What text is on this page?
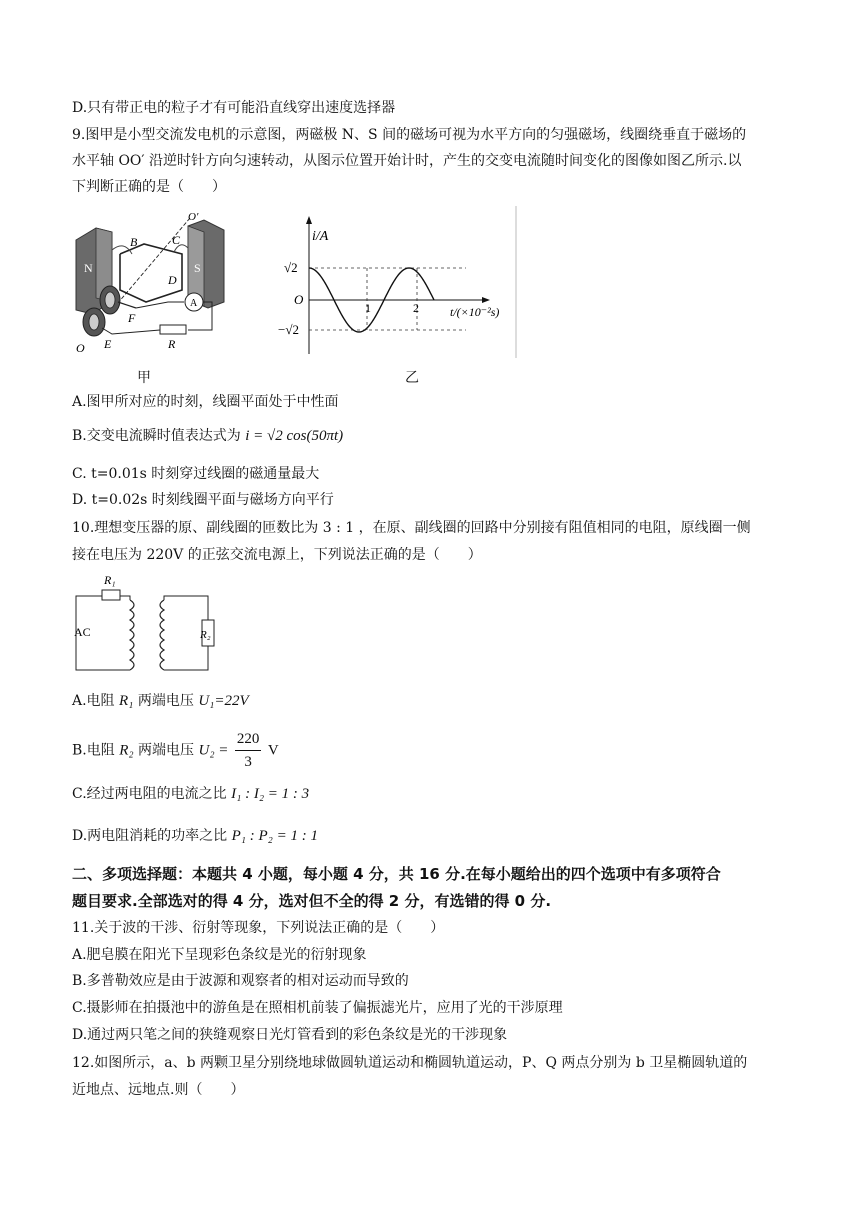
D.只有带正电的粒子才有可能沿直线穿出速度选择器
9.图甲是小型交流发电机的示意图，两磁极 N、S 间的磁场可视为水平方向的匀强磁场，线圈绕垂直于磁场的
水平轴 OO′ 沿逆时针方向匀速转动，从图示位置开始计时，产生的交变电流随时间变化的图像如图乙所示.以
下判断正确的是（　　）
O′
B	C
N	S
D
F
A
O E	R
甲
i/A
√2
O
−√2
1	2	t/(×10⁻²s)
乙
A.图甲所对应的时刻，线圈平面处于中性面
B.交变电流瞬时值表达式为 i = √2 cos(50πt)
C. t=0.01s 时刻穿过线圈的磁通量最大
D. t=0.02s 时刻线圈平面与磁场方向平行
10.理想变压器的原、副线圈的匝数比为 3 : 1 ，在原、副线圈的回路中分别接有阻值相同的电阻，原线圈一侧
接在电压为 220V 的正弦交流电源上，下列说法正确的是（　　）
R₁
AC	R₂
A.电阻 R₁ 两端电压 U₁=22V
B.电阻 R₂ 两端电压 $U_2 = \frac{220}{3}$ V
C.经过两电阻的电流之比 I₁ : I₂ = 1 : 3
D.两电阻消耗的功率之比 P₁ : P₂ = 1 : 1
二、多项选择题：本题共 4 小题，每小题 4 分，共 16 分.在每小题给出的四个选项中有多项符合
题目要求.全部选对的得 4 分，选对但不全的得 2 分，有选错的得 0 分.
11.关于波的干涉、衍射等现象，下列说法正确的是（　　）
A.肥皂膜在阳光下呈现彩色条纹是光的衍射现象
B.多普勒效应是由于波源和观察者的相对运动而导致的
C.摄影师在拍摄池中的游鱼是在照相机前装了偏振滤光片，应用了光的干涉原理
D.通过两只笔之间的狭缝观察日光灯管看到的彩色条纹是光的干涉现象
12.如图所示，a、b 两颗卫星分别绕地球做圆轨道运动和椭圆轨道运动，P、Q 两点分别为 b 卫星椭圆轨道的
近地点、远地点.则（　　）
